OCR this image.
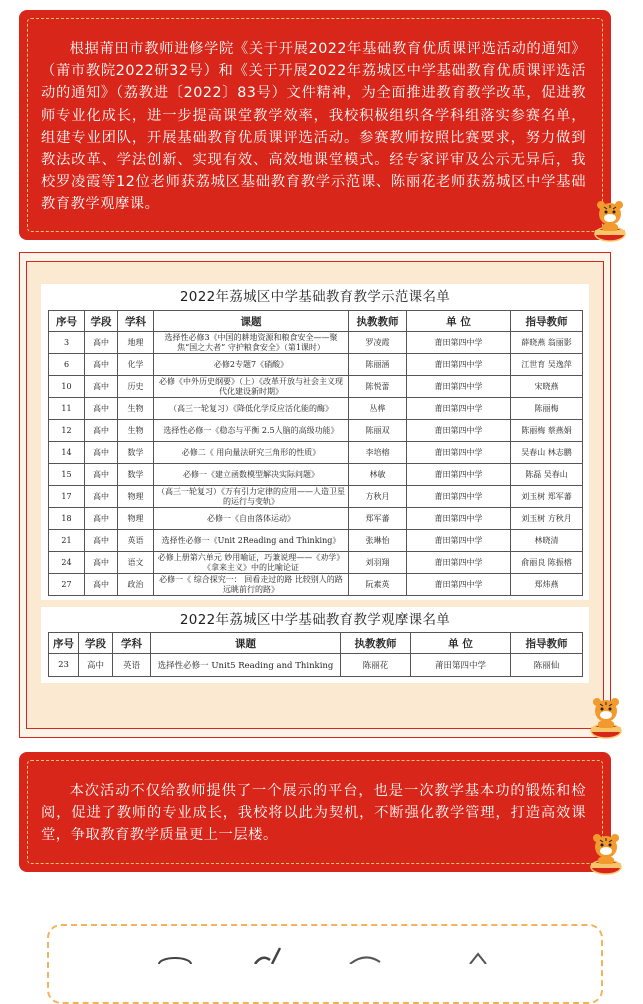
根据莆田市教师进修学院《关于开展2022年基础教育优质课评选活动的通知》（莆市教院2022研32号）和《关于开展2022年荔城区中学基础教育优质课评选活动的通知》（荔教进〔2022〕83号）文件精神，为全面推进教育教学改革，促进教师专业化成长，进一步提高课堂教学效率，我校积极组织各学科组落实参赛名单，组建专业团队，开展基础教育优质课评选活动。参赛教师按照比赛要求，努力做到教法改革、学法创新、实现有效、高效地课堂模式。经专家评审及公示无异后，我校罗凌霞等12位老师获荔城区基础教育教学示范课、陈丽花老师获荔城区中学基础教育教学观摩课。

2022年荔城区中学基础教育教学示范课名单
序号	学段	学科	课题	执教教师	单 位	指导教师
3	高中	地理	选择性必修3《中国的耕地资源和粮食安全——聚焦“国之大者” 守护粮食安全》（第1课时）	罗凌霞	莆田第四中学	薛晓燕 翁丽影
6	高中	化学	必修2专题7《硝酸》	陈丽涵	莆田第四中学	江世育 吴逸萍
10	高中	历史	必修《中外历史纲要》（上）《改革开放与社会主义现代化建设新时期》	陈悦蕾	莆田第四中学	宋晓燕
11	高中	生物	（高三一轮复习）《降低化学反应活化能的酶》	丛桦	莆田第四中学	陈丽梅
12	高中	生物	选择性必修一《稳态与平衡 2.5人脑的高级功能》	陈丽双	莆田第四中学	陈丽梅 蔡燕娟
14	高中	数学	必修二《 用向量法研究三角形的性质》	李培榕	莆田第四中学	吴春山 林志鹏
15	高中	数学	必修一《建立函数模型解决实际问题》	林敏	莆田第四中学	陈磊 吴春山
17	高中	物理	（高三一轮复习）《万有引力定律的应用——人造卫星的运行与变轨》	方秋月	莆田第四中学	刘玉树 郑军蕃
18	高中	物理	必修一《自由落体运动》	郑军蕃	莆田第四中学	刘玉树 方秋月
21	高中	英语	选择性必修一《Unit 2Reading and Thinking》	张琳怡	莆田第四中学	林晓清
24	高中	语文	必修上册第六单元 妙用喻证，巧兼说理——《劝学》《拿来主义》中的比喻论证	刘羽翔	莆田第四中学	俞丽良 陈振榕
27	高中	政治	必修一《 综合探究一： 回看走过的路 比较别人的路 远眺前行的路》	阮素英	莆田第四中学	郑炜燕
2022年荔城区中学基础教育教学观摩课名单
序号	学段	学科	课题	执教教师	单 位	指导教师
23	高中	英语	选择性必修一 Unit5 Reading and Thinking	陈丽花	莆田第四中学	陈丽仙

本次活动不仅给教师提供了一个展示的平台，也是一次教学基本功的锻炼和检阅，促进了教师的专业成长，我校将以此为契机，不断强化教学管理，打造高效课堂，争取教育教学质量更上一层楼。
